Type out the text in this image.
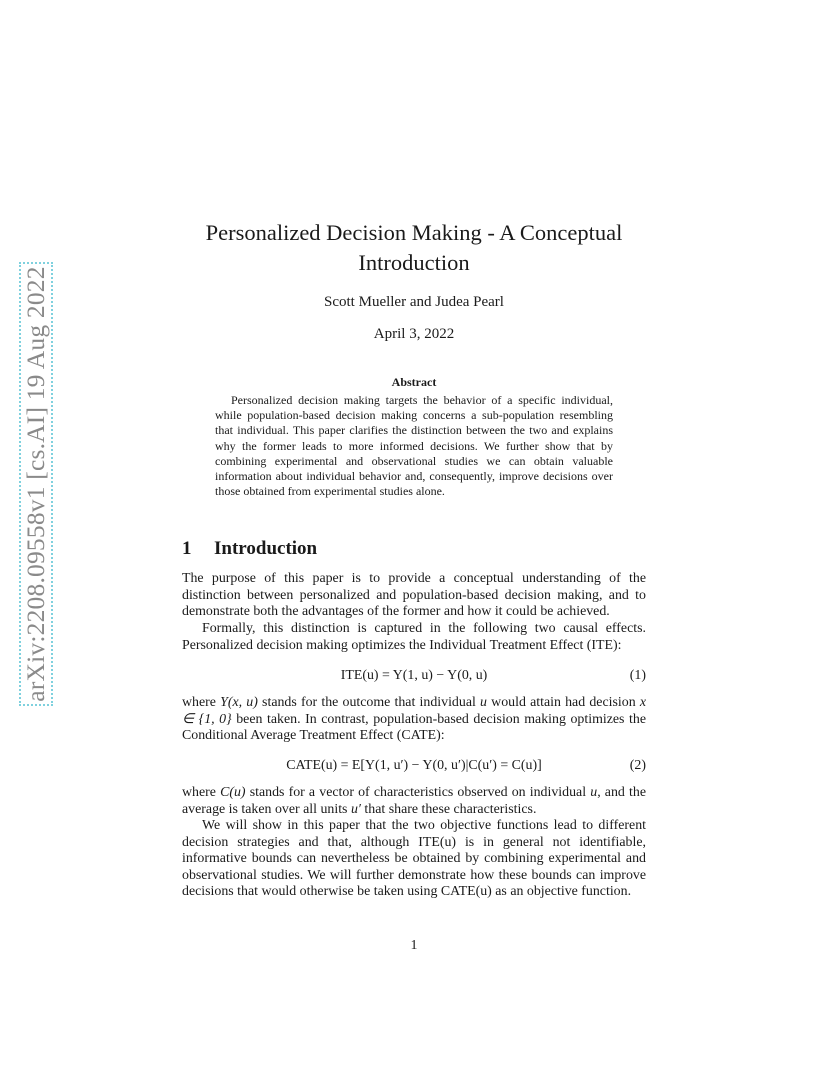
arXiv:2208.09558v1 [cs.AI] 19 Aug 2022
Personalized Decision Making - A Conceptual
Introduction
Scott Mueller and Judea Pearl
April 3, 2022
Abstract

Personalized decision making targets the behavior of a specific individual, while population-based decision making concerns a sub-population resembling that individual. This paper clarifies the distinction between the two and explains why the former leads to more informed decisions. We further show that by combining experimental and observational studies we can obtain valuable information about individual behavior and, consequently, improve decisions over those obtained from experimental studies alone.

1 Introduction

The purpose of this paper is to provide a conceptual understanding of the distinction between personalized and population-based decision making, and to demonstrate both the advantages of the former and how it could be achieved.

Formally, this distinction is captured in the following two causal effects. Personalized decision making optimizes the Individual Treatment Effect (ITE):

ITE(u) = Y(1, u) − Y(0, u)	(1)

where Y(x, u) stands for the outcome that individual u would attain had decision x ∈ {1, 0} been taken. In contrast, population-based decision making optimizes the Conditional Average Treatment Effect (CATE):

CATE(u) = E[Y(1, u′) − Y(0, u′)|C(u′) = C(u)]	(2)

where C(u) stands for a vector of characteristics observed on individual u, and the average is taken over all units u′ that share these characteristics.

We will show in this paper that the two objective functions lead to different decision strategies and that, although ITE(u) is in general not identifiable, informative bounds can nevertheless be obtained by combining experimental and observational studies. We will further demonstrate how these bounds can improve decisions that would otherwise be taken using CATE(u) as an objective function.

1
